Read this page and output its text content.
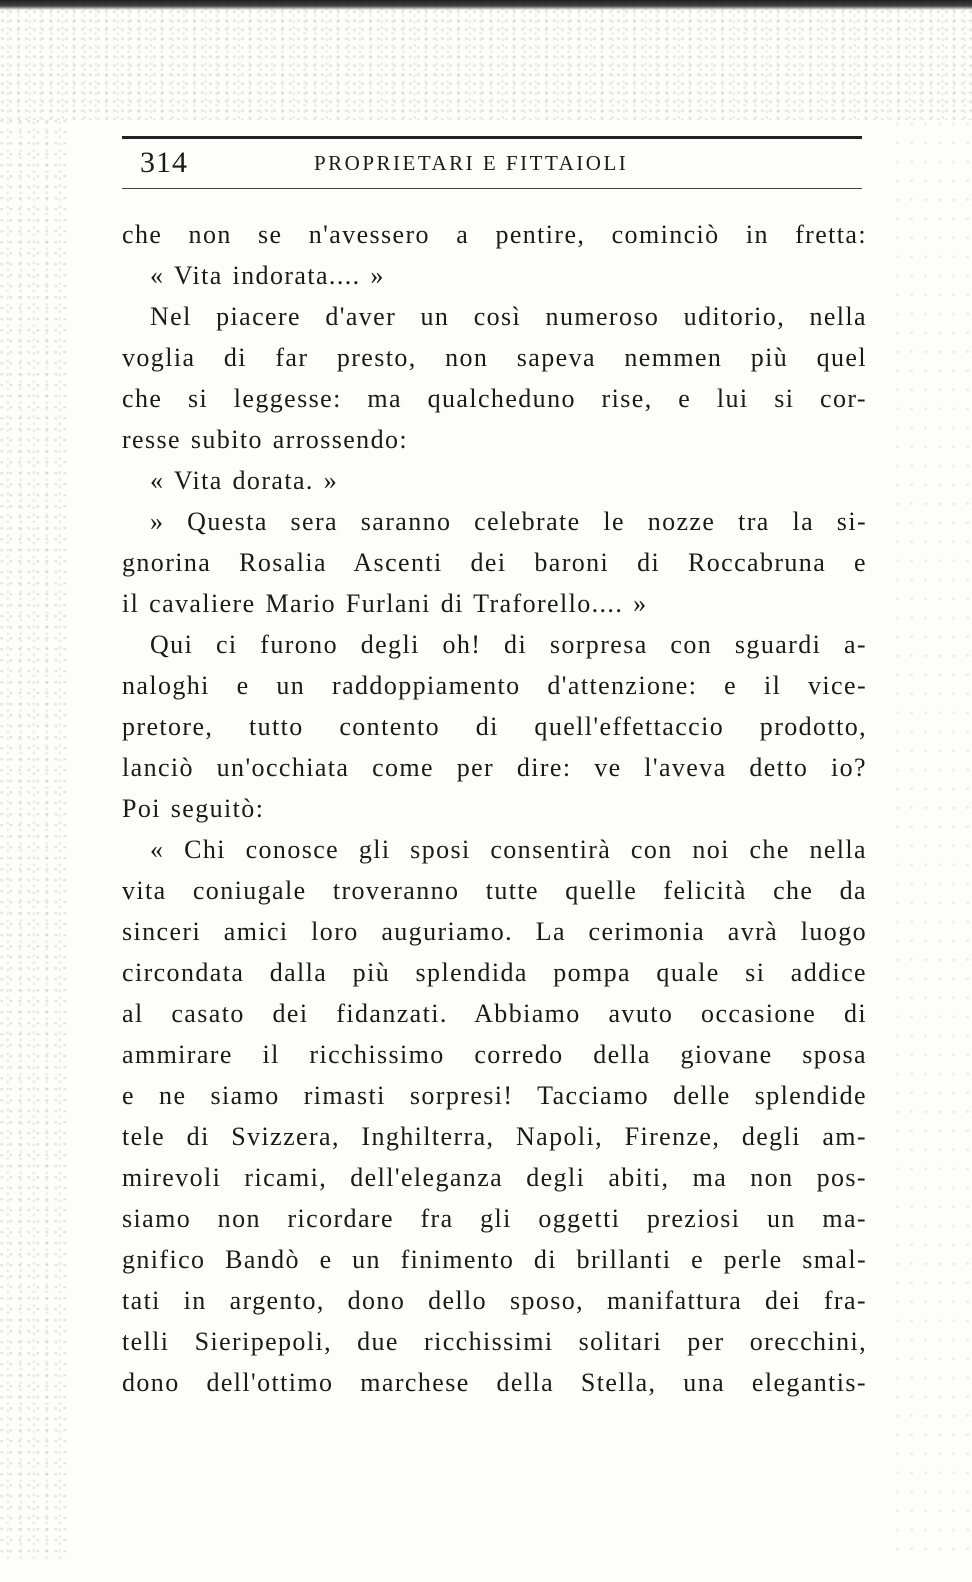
314	PROPRIETARI E FITTAIOLI
che non se n'avessero a pentire, cominciò in fretta:
« Vita indorata.... »
Nel piacere d'aver un così numeroso uditorio, nella
voglia di far presto, non sapeva nemmen più quel
che si leggesse: ma qualcheduno rise, e lui si cor-
resse subito arrossendo:
« Vita dorata. »
» Questa sera saranno celebrate le nozze tra la si-
gnorina Rosalia Ascenti dei baroni di Roccabruna e
il cavaliere Mario Furlani di Traforello.... »
Qui ci furono degli oh! di sorpresa con sguardi a-
naloghi e un raddoppiamento d'attenzione: e il vice-
pretore, tutto contento di quell'effettaccio prodotto,
lanciò un'occhiata come per dire: ve l'aveva detto io?
Poi seguitò:
« Chi conosce gli sposi consentirà con noi che nella
vita coniugale troveranno tutte quelle felicità che da
sinceri amici loro auguriamo. La cerimonia avrà luogo
circondata dalla più splendida pompa quale si addice
al casato dei fidanzati. Abbiamo avuto occasione di
ammirare il ricchissimo corredo della giovane sposa
e ne siamo rimasti sorpresi! Tacciamo delle splendide
tele di Svizzera, Inghilterra, Napoli, Firenze, degli am-
mirevoli ricami, dell'eleganza degli abiti, ma non pos-
siamo non ricordare fra gli oggetti preziosi un ma-
gnifico Bandò e un finimento di brillanti e perle smal-
tati in argento, dono dello sposo, manifattura dei fra-
telli Sieripepoli, due ricchissimi solitari per orecchini,
dono dell'ottimo marchese della Stella, una elegantis-
